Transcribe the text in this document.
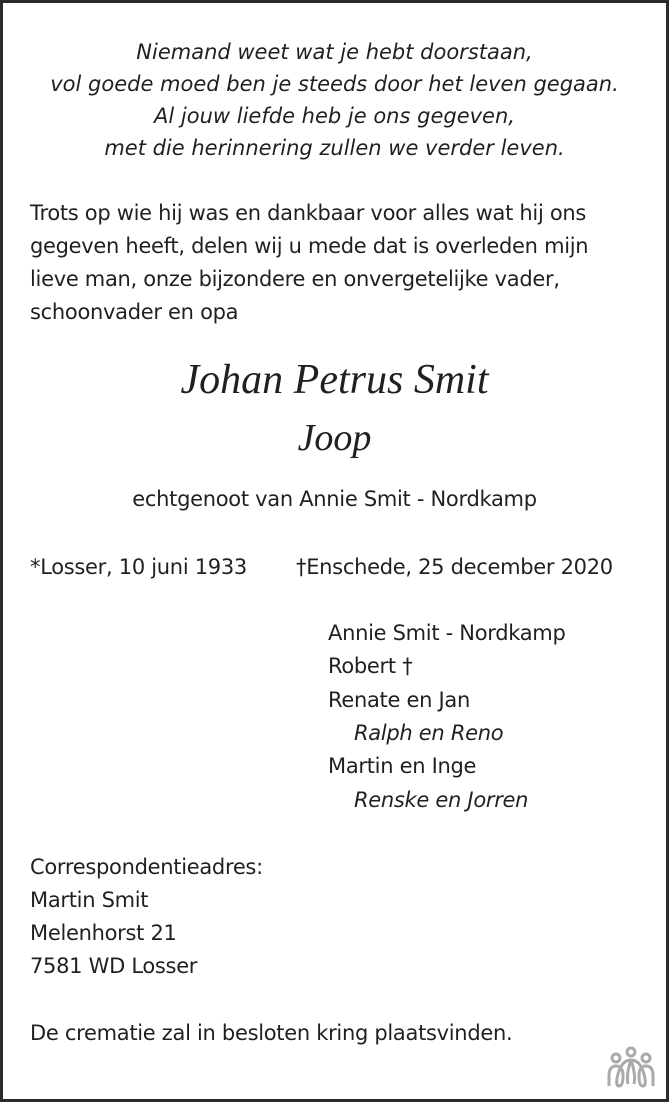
Niemand weet wat je hebt doorstaan,
vol goede moed ben je steeds door het leven gegaan.
Al jouw liefde heb je ons gegeven,
met die herinnering zullen we verder leven.
Trots op wie hij was en dankbaar voor alles wat hij ons
gegeven heeft, delen wij u mede dat is overleden mijn
lieve man, onze bijzondere en onvergetelijke vader,
schoonvader en opa
Johan Petrus Smit
Joop
echtgenoot van Annie Smit - Nordkamp
*Losser, 10 juni 1933 †Enschede, 25 december 2020
Annie Smit - Nordkamp
Robert †
Renate en Jan
Ralph en Reno
Martin en Inge
Renske en Jorren
Correspondentieadres:
Martin Smit
Melenhorst 21
7581 WD Losser
De crematie zal in besloten kring plaatsvinden.
